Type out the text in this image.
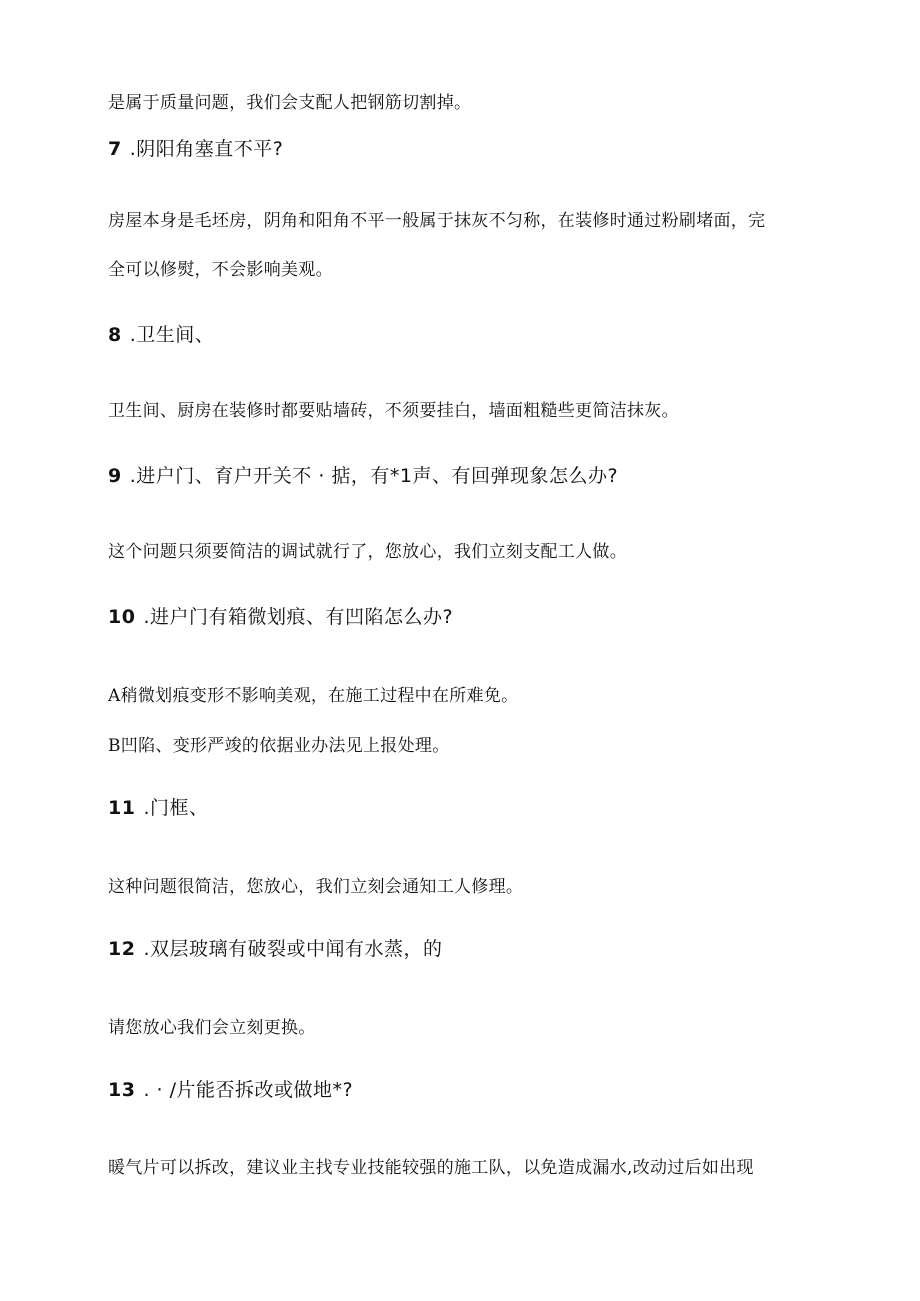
是属于质量问题，我们会支配人把钢筋切割掉。
7 .阴阳角塞直不平?
房屋本身是毛坯房，阴角和阳角不平一般属于抹灰不匀称，在装修时通过粉刷堵面，完
全可以修熨，不会影响美观。
8 .卫生间、
卫生间、厨房在装修时都要贴墙砖，不须要挂白，墙面粗糙些更简洁抹灰。
9 .进户门、育户开关不 · 掂，有*1声、有回弹现象怎么办?
这个问题只须要简洁的调试就行了，您放心，我们立刻支配工人做。
10 .进户门有箱微划痕、有凹陷怎么办?
A稍微划痕变形不影响美观，在施工过程中在所难免。
B凹陷、变形严竣的依据业办法见上报处理。
11 .门框、
这种问题很简洁，您放心，我们立刻会通知工人修理。
12 .双层玻璃有破裂或中闻有水蒸，的
请您放心我们会立刻更换。
13 . · /片能否拆改或做地*?
暖气片可以拆改，建议业主找专业技能较强的施工队，以免造成漏水,改动过后如出现
